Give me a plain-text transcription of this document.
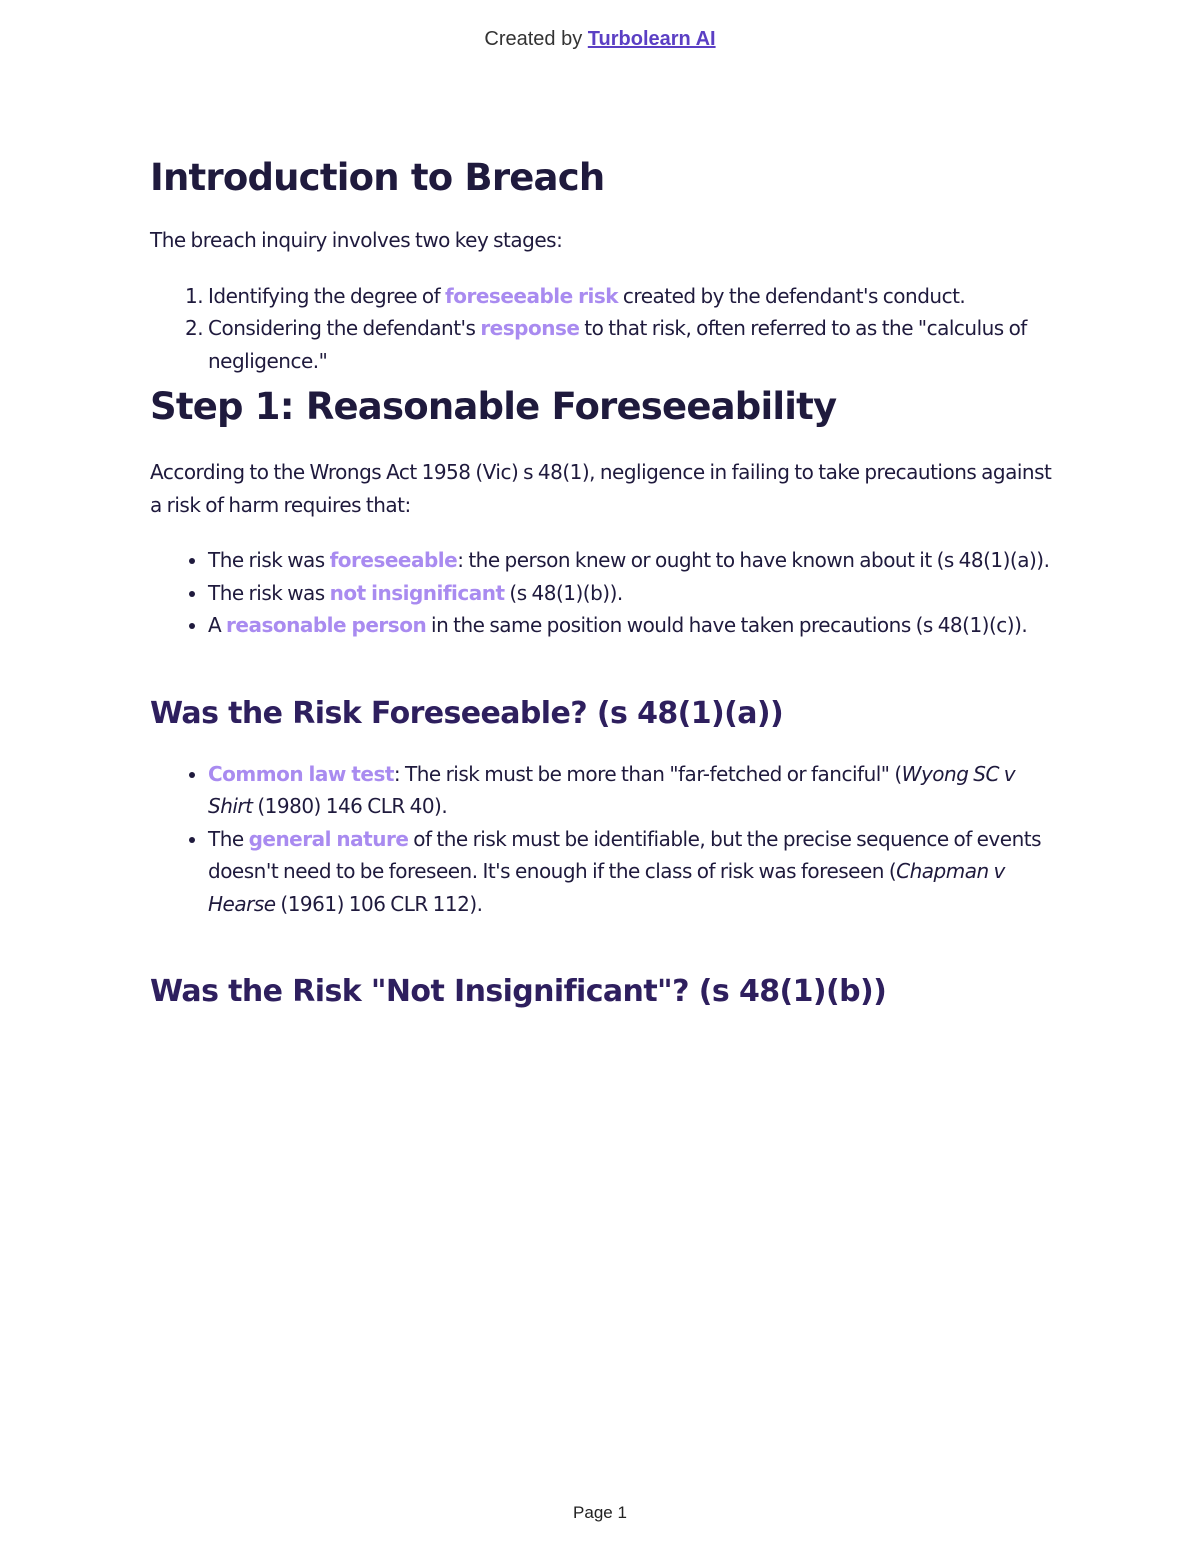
Created by Turbolearn AI
Introduction to Breach

The breach inquiry involves two key stages:

1. Identifying the degree of foreseeable risk created by the defendant's conduct.
2. Considering the defendant's response to that risk, often referred to as the "calculus of negligence."
Step 1: Reasonable Foreseeability

According to the Wrongs Act 1958 (Vic) s 48(1), negligence in failing to take precautions against a risk of harm requires that:

• The risk was foreseeable: the person knew or ought to have known about it (s 48(1)(a)).
• The risk was not insignificant (s 48(1)(b)).
• A reasonable person in the same position would have taken precautions (s 48(1)(c)).
Was the Risk Foreseeable? (s 48(1)(a))
• Common law test: The risk must be more than "far-fetched or fanciful" (Wyong SC v Shirt (1980) 146 CLR 40).
• The general nature of the risk must be identifiable, but the precise sequence of events doesn't need to be foreseen. It's enough if the class of risk was foreseen (Chapman v Hearse (1961) 106 CLR 112).
Was the Risk "Not Insignificant"? (s 48(1)(b))
Page 1
